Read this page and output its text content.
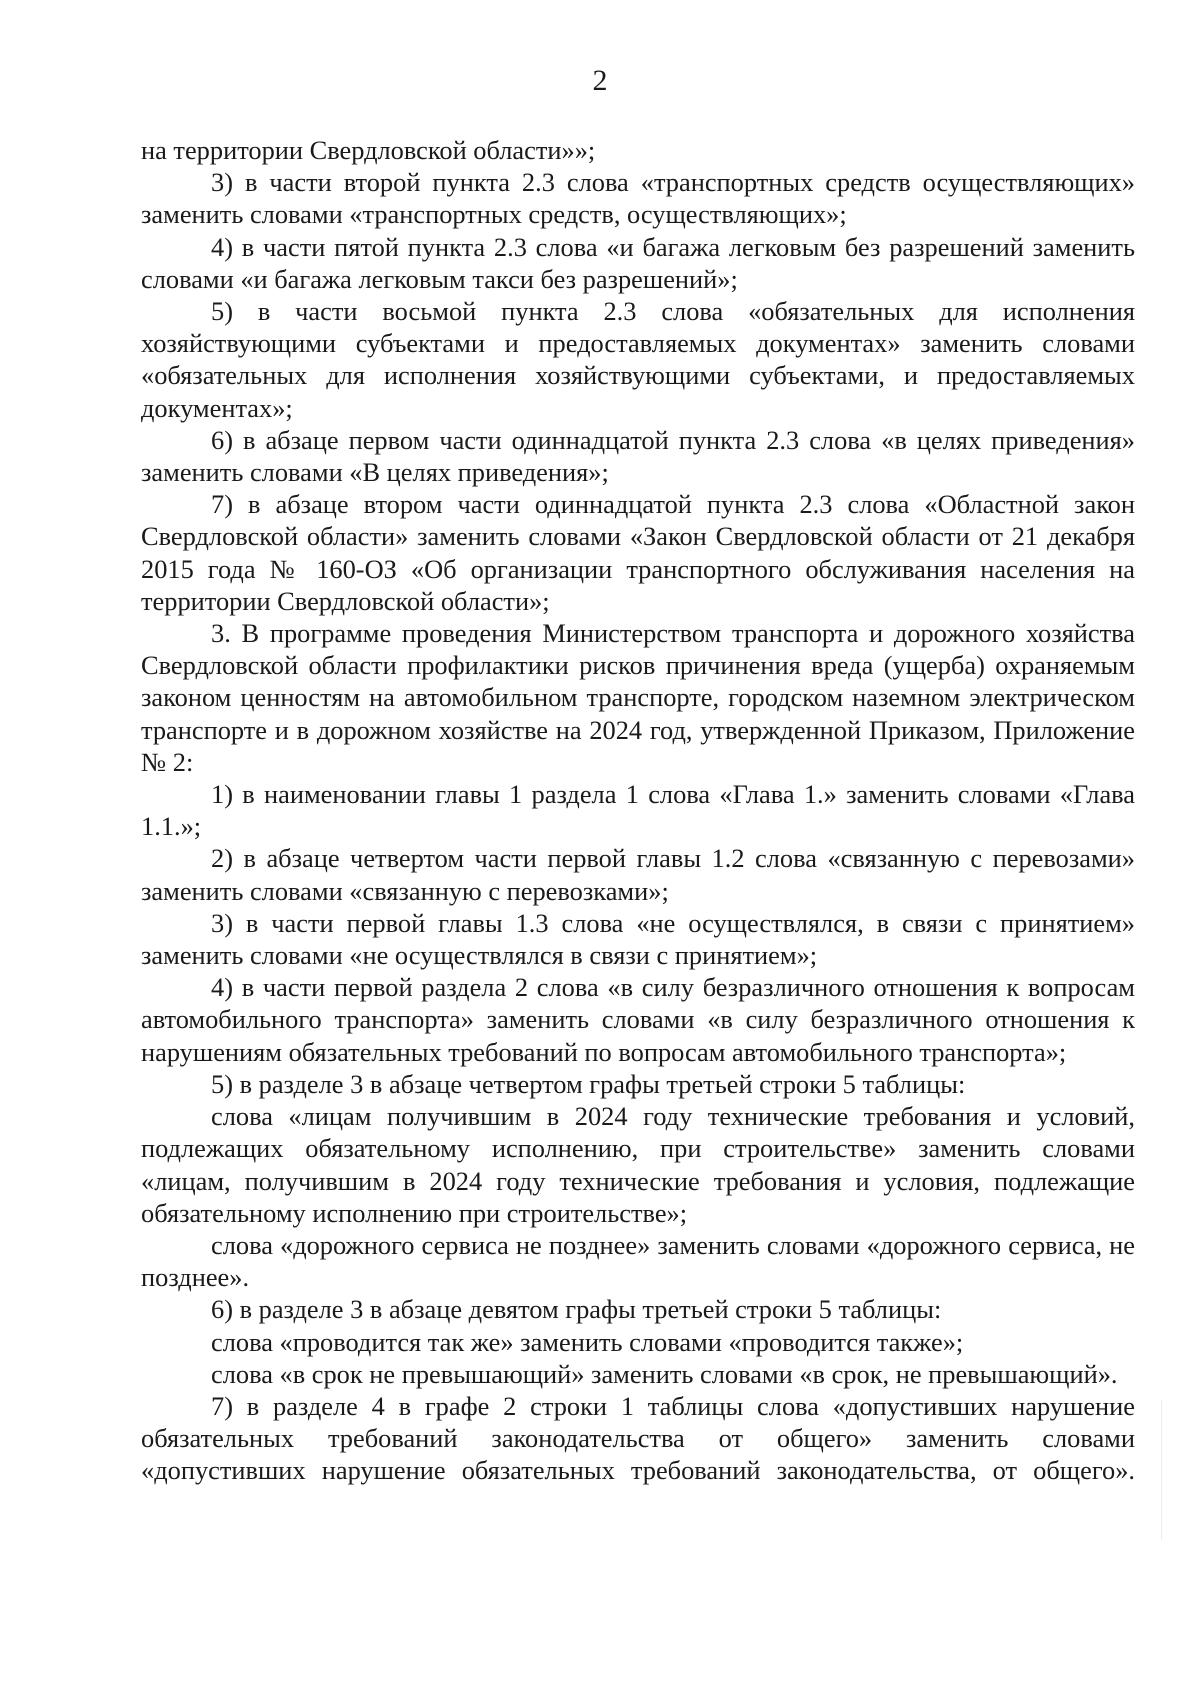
2

на территории Свердловской области»»;

3) в части второй пункта 2.3 слова «транспортных средств осуществляющих» заменить словами «транспортных средств, осуществляющих»;

4) в части пятой пункта 2.3 слова «и багажа легковым без разрешений заменить словами «и багажа легковым такси без разрешений»;

5) в части восьмой пункта 2.3 слова «обязательных для исполнения хозяйствующими субъектами и предоставляемых документах» заменить словами «обязательных для исполнения хозяйствующими субъектами, и предоставляемых документах»;

6) в абзаце первом части одиннадцатой пункта 2.3 слова «в целях приведения» заменить словами «В целях приведения»;

7) в абзаце втором части одиннадцатой пункта 2.3 слова «Областной закон Свердловской области» заменить словами «Закон Свердловской области от 21 декабря 2015 года № 160-ОЗ «Об организации транспортного обслуживания населения на территории Свердловской области»;

3. В программе проведения Министерством транспорта и дорожного хозяйства Свердловской области профилактики рисков причинения вреда (ущерба) охраняемым законом ценностям на автомобильном транспорте, городском наземном электрическом транспорте и в дорожном хозяйстве на 2024 год, утвержденной Приказом, Приложение № 2:

1) в наименовании главы 1 раздела 1 слова «Глава 1.» заменить словами «Глава 1.1.»;

2) в абзаце четвертом части первой главы 1.2 слова «связанную с перевозами» заменить словами «связанную с перевозками»;

3) в части первой главы 1.3 слова «не осуществлялся, в связи с принятием» заменить словами «не осуществлялся в связи с принятием»;

4) в части первой раздела 2 слова «в силу безразличного отношения к вопросам автомобильного транспорта» заменить словами «в силу безразличного отношения к нарушениям обязательных требований по вопросам автомобильного транспорта»;

5) в разделе 3 в абзаце четвертом графы третьей строки 5 таблицы:

слова «лицам получившим в 2024 году технические требования и условий, подлежащих обязательному исполнению, при строительстве» заменить словами «лицам, получившим в 2024 году технические требования и условия, подлежащие обязательному исполнению при строительстве»;

слова «дорожного сервиса не позднее» заменить словами «дорожного сервиса, не позднее».

6) в разделе 3 в абзаце девятом графы третьей строки 5 таблицы:

слова «проводится так же» заменить словами «проводится также»;

слова «в срок не превышающий» заменить словами «в срок, не превышающий».

7) в разделе 4 в графе 2 строки 1 таблицы слова «допустивших нарушение обязательных требований законодательства от общего» заменить словами «допустивших нарушение обязательных требований законодательства, от общего».
